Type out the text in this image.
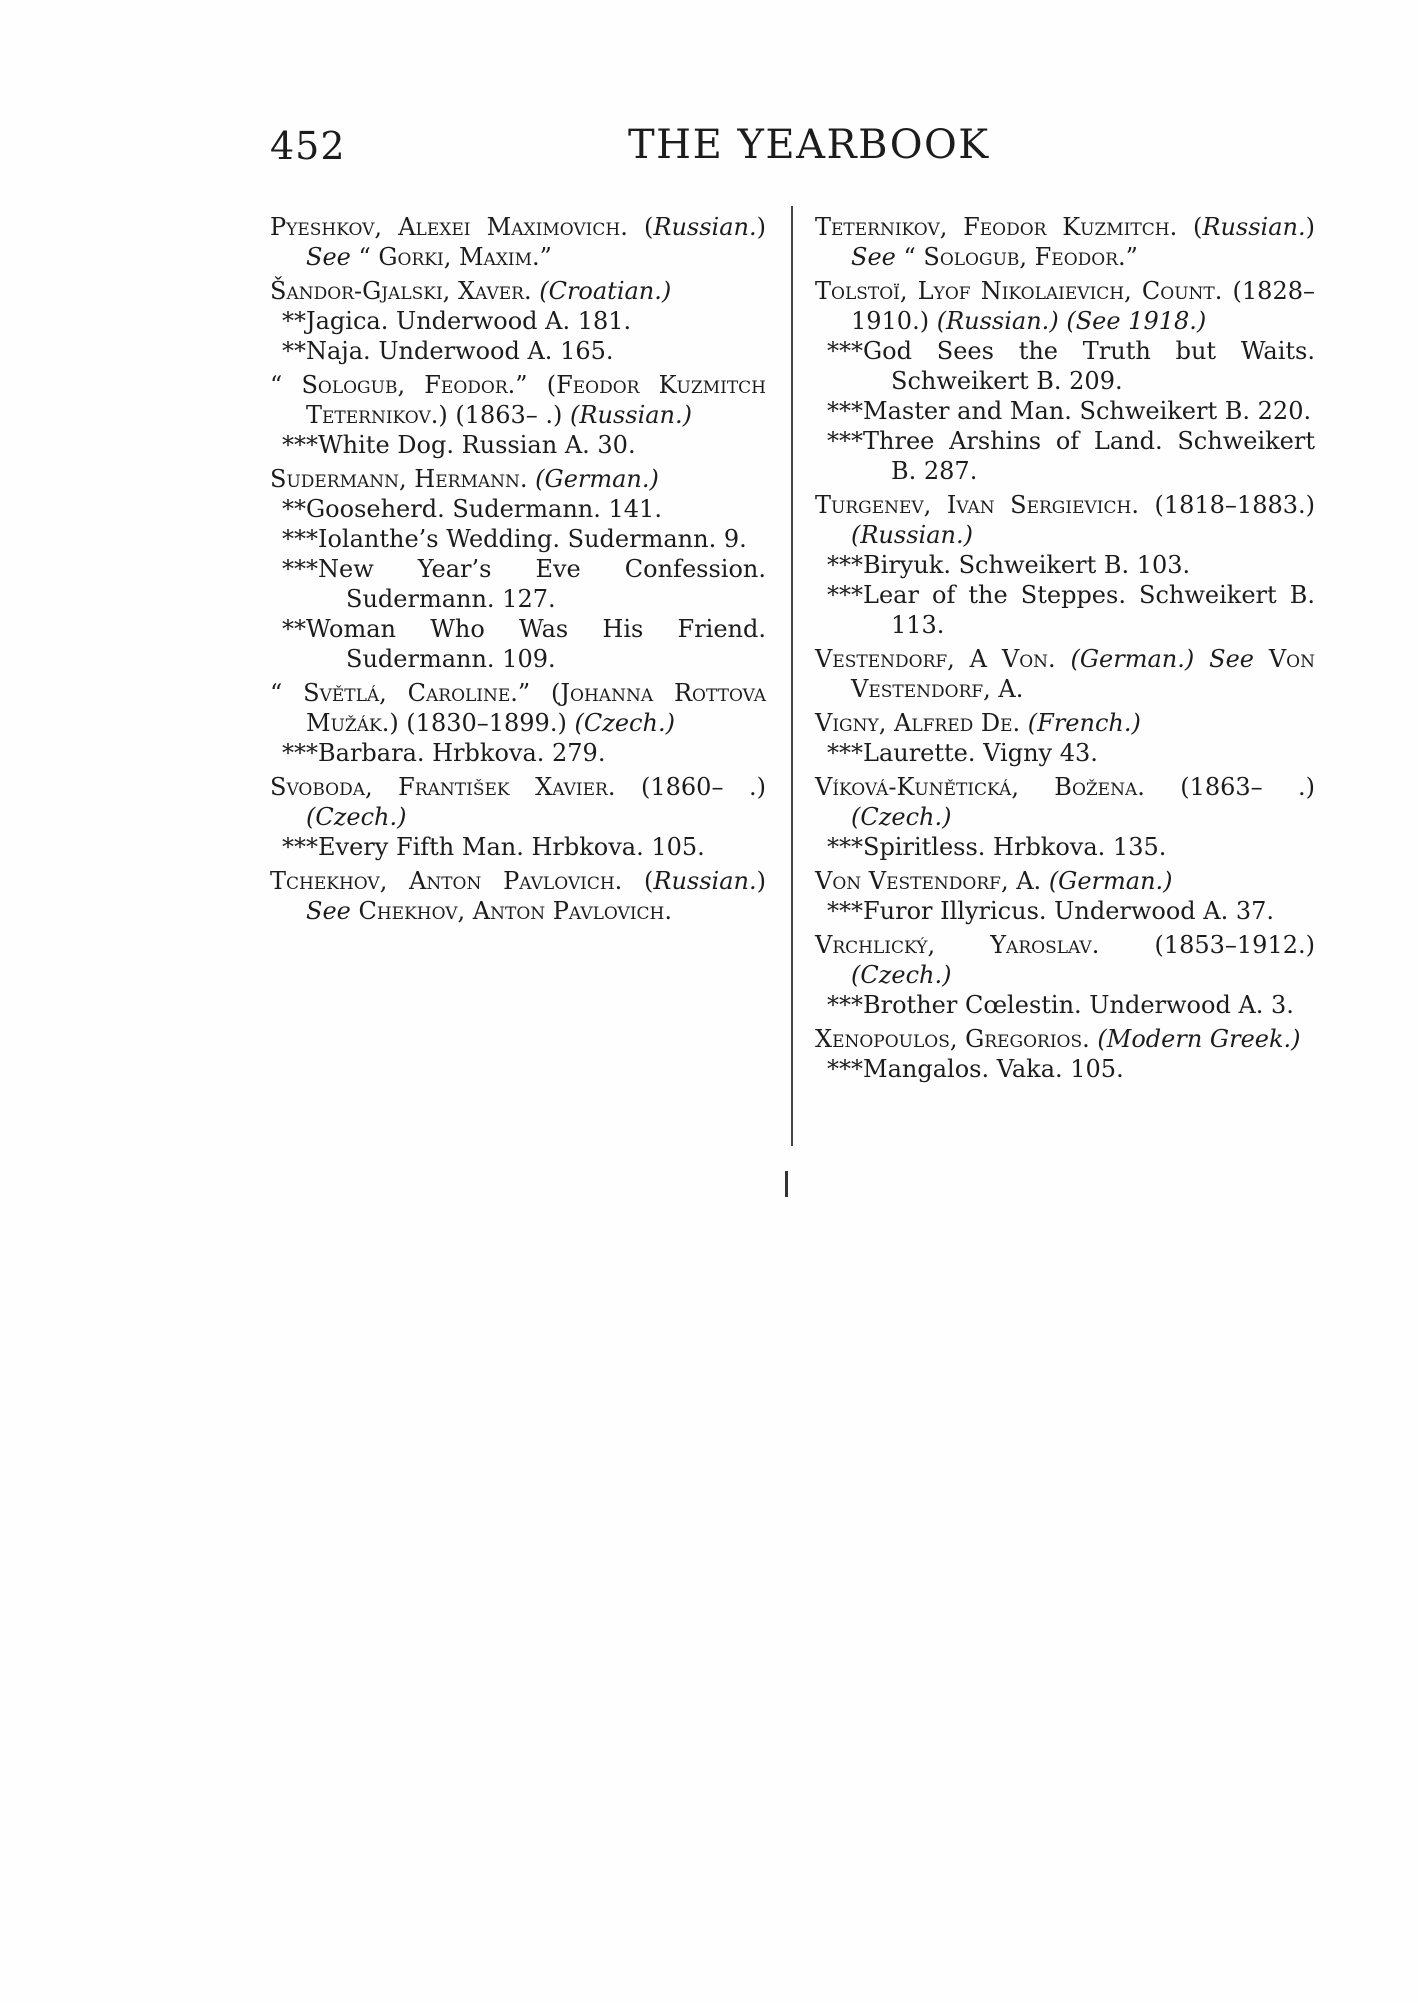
452	THE YEARBOOK
Pyeshkov, Alexei Maximovich. (Russian.) See “ Gorki, Maxim.”
Šandor-Gjalski, Xaver. (Croatian.)
**Jagica. Underwood A. 181.
**Naja. Underwood A. 165.
“ Sologub, Feodor.” (Feodor Kuzmitch Teternikov.) (1863– .) (Russian.)
***White Dog. Russian A. 30.
Sudermann, Hermann. (German.)
**Gooseherd. Sudermann. 141.
***Iolanthe’s Wedding. Sudermann. 9.
***New Year’s Eve Confession. Sudermann. 127.
**Woman Who Was His Friend. Sudermann. 109.
“ Světlá, Caroline.” (Johanna Rottova Mužák.) (1830–1899.) (Czech.)
***Barbara. Hrbkova. 279.
Svoboda, František Xavier. (1860– .) (Czech.)
***Every Fifth Man. Hrbkova. 105.
Tchekhov, Anton Pavlovich. (Russian.) See Chekhov, Anton Pavlovich.
Teternikov, Feodor Kuzmitch. (Russian.) See “ Sologub, Feodor.”
Tolstoï, Lyof Nikolaievich, Count. (1828–1910.) (Russian.) (See 1918.)
***God Sees the Truth but Waits. Schweikert B. 209.
***Master and Man. Schweikert B. 220.
***Three Arshins of Land. Schweikert B. 287.
Turgenev, Ivan Sergievich. (1818–1883.) (Russian.)
***Biryuk. Schweikert B. 103.
***Lear of the Steppes. Schweikert B. 113.
Vestendorf, A Von. (German.) See Von Vestendorf, A.
Vigny, Alfred De. (French.)
***Laurette. Vigny 43.
Víková-Kunětická, Božena. (1863– .) (Czech.)
***Spiritless. Hrbkova. 135.
Von Vestendorf, A. (German.)
***Furor Illyricus. Underwood A. 37.
Vrchlický, Yaroslav. (1853–1912.) (Czech.)
***Brother Cœlestin. Underwood A. 3.
Xenopoulos, Gregorios. (Modern Greek.)
***Mangalos. Vaka. 105.
